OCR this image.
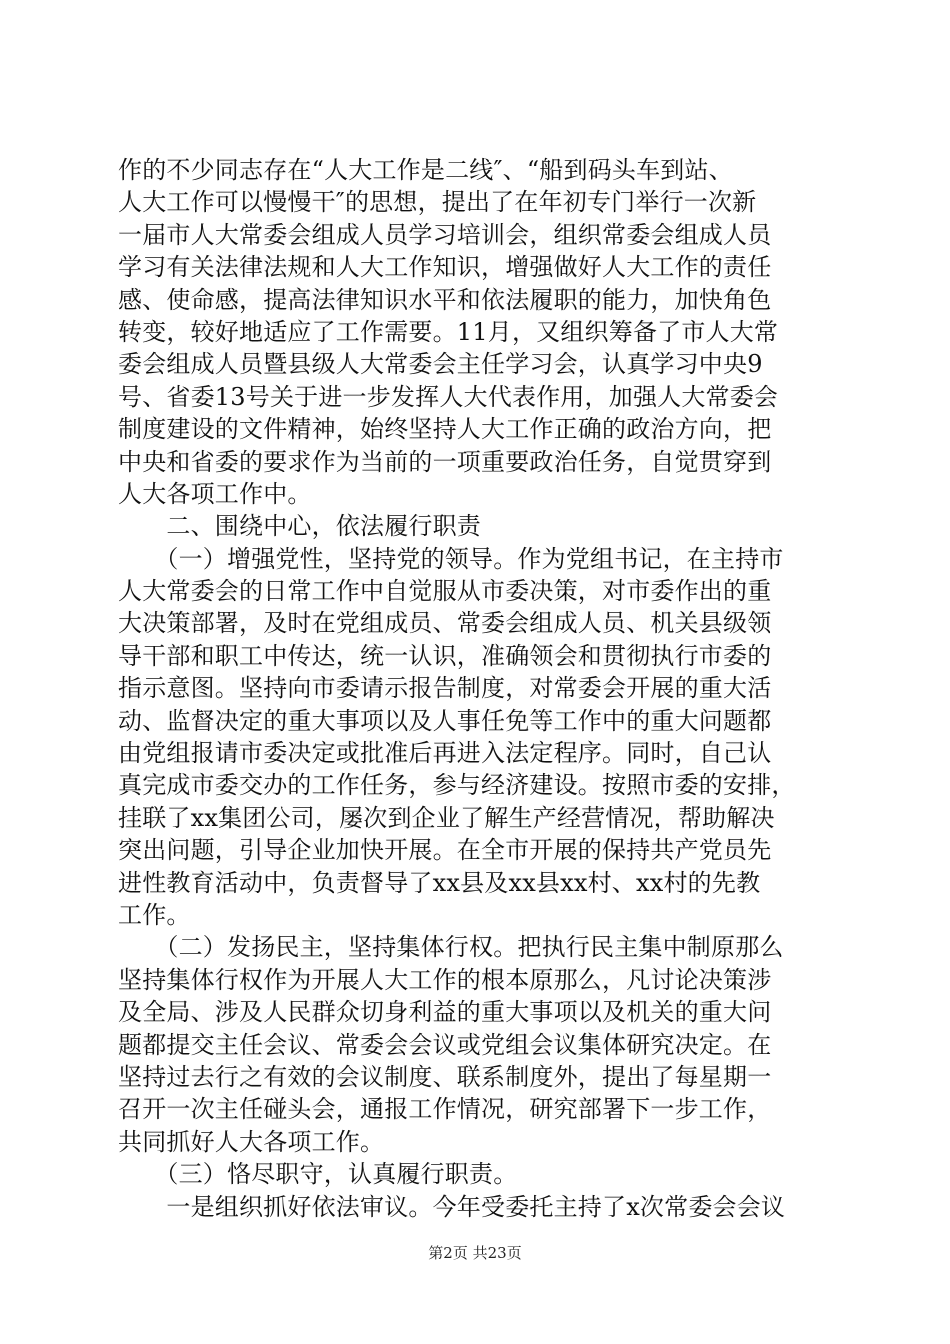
作的不少同志存在“人大工作是二线″、“船到码头车到站、
人大工作可以慢慢干″的思想，提出了在年初专门举行一次新
一届市人大常委会组成人员学习培训会，组织常委会组成人员
学习有关法律法规和人大工作知识，增强做好人大工作的责任
感、使命感，提高法律知识水平和依法履职的能力，加快角色
转变，较好地适应了工作需要。11月，又组织筹备了市人大常
委会组成人员暨县级人大常委会主任学习会，认真学习中央9
号、省委13号关于进一步发挥人大代表作用，加强人大常委会
制度建设的文件精神，始终坚持人大工作正确的政治方向，把
中央和省委的要求作为当前的一项重要政治任务，自觉贯穿到
人大各项工作中。
　　二、围绕中心，依法履行职责
　　（一）增强党性，坚持党的领导。作为党组书记，在主持市
人大常委会的日常工作中自觉服从市委决策，对市委作出的重
大决策部署，及时在党组成员、常委会组成人员、机关县级领
导干部和职工中传达，统一认识，准确领会和贯彻执行市委的
指示意图。坚持向市委请示报告制度，对常委会开展的重大活
动、监督决定的重大事项以及人事任免等工作中的重大问题都
由党组报请市委决定或批准后再进入法定程序。同时，自己认
真完成市委交办的工作任务，参与经济建设。按照市委的安排，
挂联了xx集团公司，屡次到企业了解生产经营情况，帮助解决
突出问题，引导企业加快开展。在全市开展的保持共产党员先
进性教育活动中，负责督导了xx县及xx县xx村、xx村的先教
工作。
　　（二）发扬民主，坚持集体行权。把执行民主集中制原那么
坚持集体行权作为开展人大工作的根本原那么，凡讨论决策涉
及全局、涉及人民群众切身利益的重大事项以及机关的重大问
题都提交主任会议、常委会会议或党组会议集体研究决定。在
坚持过去行之有效的会议制度、联系制度外，提出了每星期一
召开一次主任碰头会，通报工作情况，研究部署下一步工作，
共同抓好人大各项工作。
　　（三）恪尽职守，认真履行职责。
　　一是组织抓好依法审议。今年受委托主持了x次常委会会议
第2页 共23页
